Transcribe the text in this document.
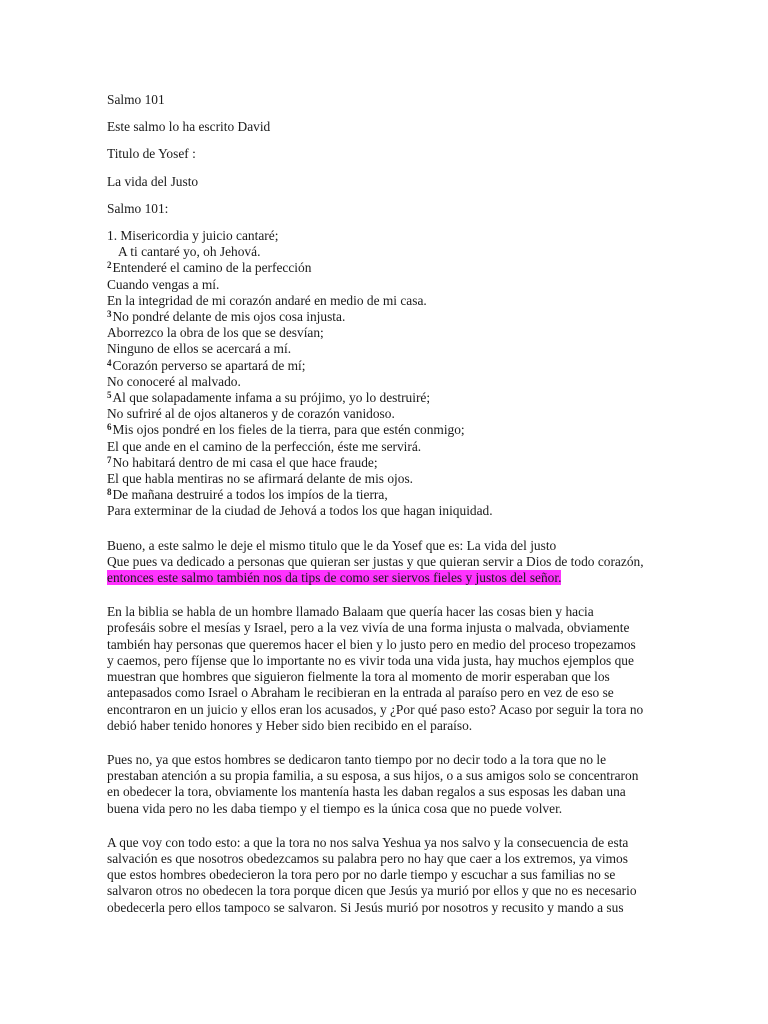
Salmo 101
Este salmo lo ha escrito David
Titulo de Yosef :
La vida del Justo
Salmo 101:
1. Misericordia y juicio cantaré;
A ti cantaré yo, oh Jehová.
$^2$Entenderé el camino de la perfección
Cuando vengas a mí.
En la integridad de mi corazón andaré en medio de mi casa.
$^3$No pondré delante de mis ojos cosa injusta.
Aborrezco la obra de los que se desvían;
Ninguno de ellos se acercará a mí.
$^4$Corazón perverso se apartará de mí;
No conoceré al malvado.
$^5$Al que solapadamente infama a su prójimo, yo lo destruiré;
No sufriré al de ojos altaneros y de corazón vanidoso.
$^6$Mis ojos pondré en los fieles de la tierra, para que estén conmigo;
El que ande en el camino de la perfección, éste me servirá.
$^7$No habitará dentro de mi casa el que hace fraude;
El que habla mentiras no se afirmará delante de mis ojos.
$^8$De mañana destruiré a todos los impíos de la tierra,
Para exterminar de la ciudad de Jehová a todos los que hagan iniquidad.
Bueno, a este salmo le deje el mismo titulo que le da Yosef que es: La vida del justo
Que pues va dedicado a personas que quieran ser justas y que quieran servir a Dios de todo corazón,
entonces este salmo también nos da tips de como ser siervos fieles y justos del señor.
En la biblia se habla de un hombre llamado Balaam que quería hacer las cosas bien y hacia
profesáis sobre el mesías y Israel, pero a la vez vivía de una forma injusta o malvada, obviamente
también hay personas que queremos hacer el bien y lo justo pero en medio del proceso tropezamos
y caemos, pero fíjense que lo importante no es vivir toda una vida justa, hay muchos ejemplos que
muestran que hombres que siguieron fielmente la tora al momento de morir esperaban que los
antepasados como Israel o Abraham le recibieran en la entrada al paraíso pero en vez de eso se
encontraron en un juicio y ellos eran los acusados, y ¿Por qué paso esto? Acaso por seguir la tora no
debió haber tenido honores y Heber sido bien recibido en el paraíso.
Pues no, ya que estos hombres se dedicaron tanto tiempo por no decir todo a la tora que no le
prestaban atención a su propia familia, a su esposa, a sus hijos, o a sus amigos solo se concentraron
en obedecer la tora, obviamente los mantenía hasta les daban regalos a sus esposas les daban una
buena vida pero no les daba tiempo y el tiempo es la única cosa que no puede volver.
A que voy con todo esto: a que la tora no nos salva Yeshua ya nos salvo y la consecuencia de esta
salvación es que nosotros obedezcamos su palabra pero no hay que caer a los extremos, ya vimos
que estos hombres obedecieron la tora pero por no darle tiempo y escuchar a sus familias no se
salvaron otros no obedecen la tora porque dicen que Jesús ya murió por ellos y que no es necesario
obedecerla pero ellos tampoco se salvaron. Si Jesús murió por nosotros y recusito y mando a sus
